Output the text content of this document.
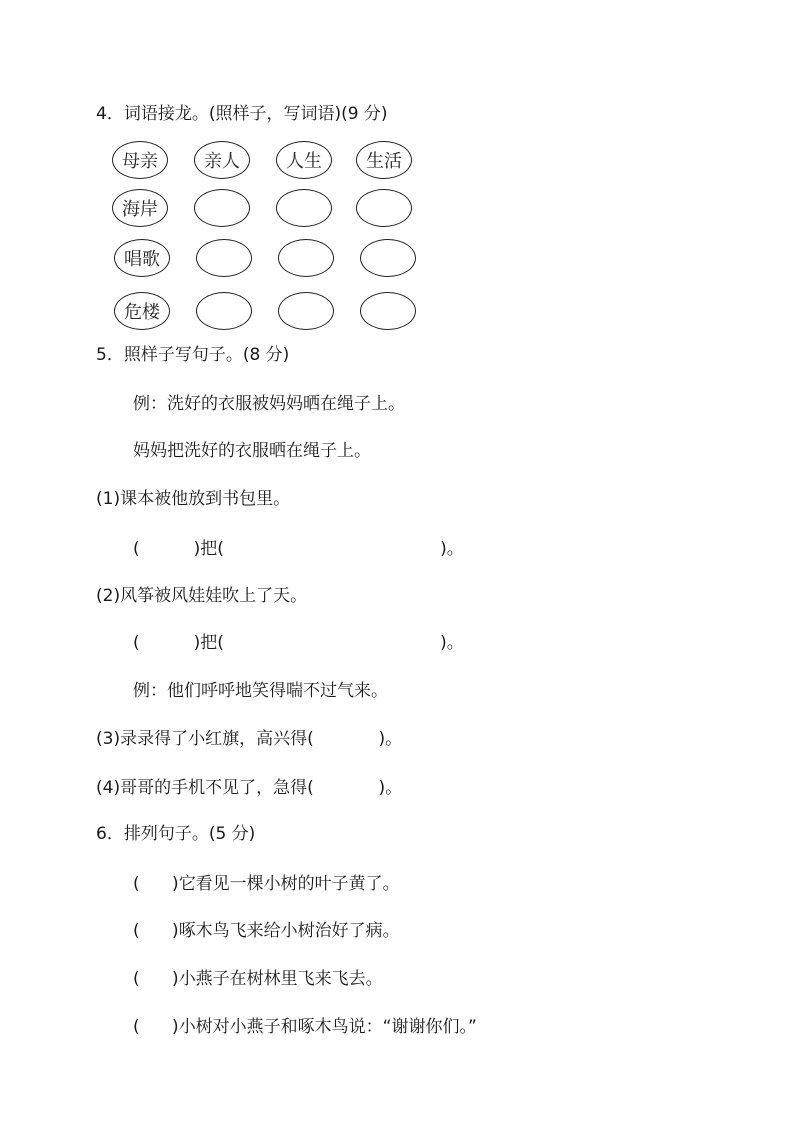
4．词语接龙。(照样子，写词语)(9 分)
母亲	亲人	人生	生活
海岸
唱歌
危楼
5．照样子写句子。(8 分)
例：洗好的衣服被妈妈晒在绳子上。
妈妈把洗好的衣服晒在绳子上。
(1)课本被他放到书包里。
(          )把(                                        )。
(2)风筝被风娃娃吹上了天。
(          )把(                                        )。
例：他们呼呼地笑得喘不过气来。
(3)录录得了小红旗，高兴得(            )。
(4)哥哥的手机不见了，急得(            )。
6．排列句子。(5 分)
(      )它看见一棵小树的叶子黄了。
(      )啄木鸟飞来给小树治好了病。
(      )小燕子在树林里飞来飞去。
(      )小树对小燕子和啄木鸟说：“谢谢你们。”
